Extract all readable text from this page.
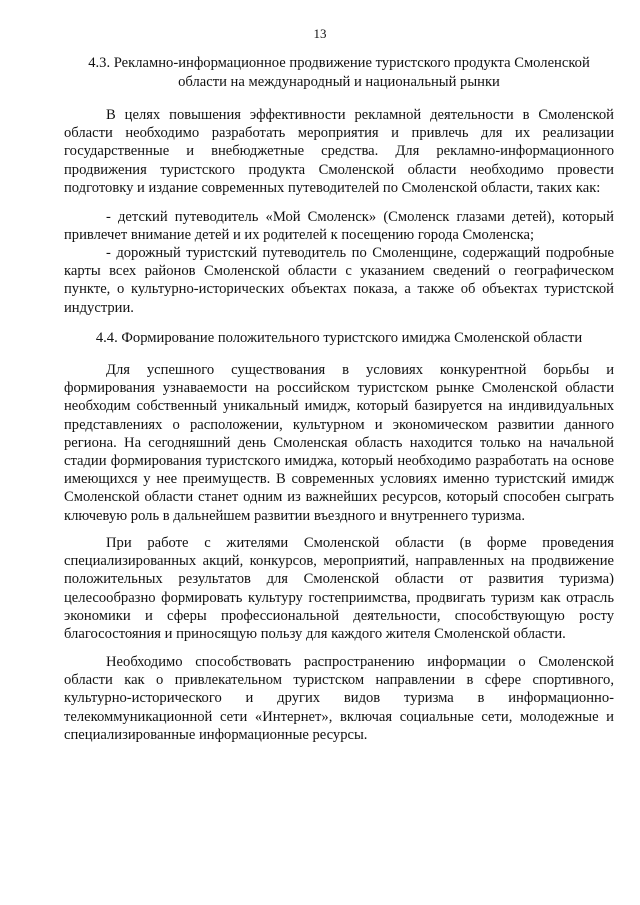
13
4.3. Рекламно-информационное продвижение туристского продукта Смоленской области на международный и национальный рынки

В целях повышения эффективности рекламной деятельности в Смоленской области необходимо разработать мероприятия и привлечь для их реализации государственные и внебюджетные средства. Для рекламно-информационного продвижения туристского продукта Смоленской области необходимо провести подготовку и издание современных путеводителей по Смоленской области, таких как:

- детский путеводитель «Мой Смоленск» (Смоленск глазами детей), который привлечет внимание детей и их родителей к посещению города Смоленска;

- дорожный туристский путеводитель по Смоленщине, содержащий подробные карты всех районов Смоленской области с указанием сведений о географическом пункте, о культурно-исторических объектах показа, а также об объектах туристской индустрии.

4.4. Формирование положительного туристского имиджа Смоленской области

Для успешного существования в условиях конкурентной борьбы и формирования узнаваемости на российском туристском рынке Смоленской области необходим собственный уникальный имидж, который базируется на индивидуальных представлениях о расположении, культурном и экономическом развитии данного региона. На сегодняшний день Смоленская область находится только на начальной стадии формирования туристского имиджа, который необходимо разработать на основе имеющихся у нее преимуществ. В современных условиях именно туристский имидж Смоленской области станет одним из важнейших ресурсов, который способен сыграть ключевую роль в дальнейшем развитии въездного и внутреннего туризма.

При работе с жителями Смоленской области (в форме проведения специализированных акций, конкурсов, мероприятий, направленных на продвижение положительных результатов для Смоленской области от развития туризма) целесообразно формировать культуру гостеприимства, продвигать туризм как отрасль экономики и сферы профессиональной деятельности, способствующую росту благосостояния и приносящую пользу для каждого жителя Смоленской области.

Необходимо способствовать распространению информации о Смоленской области как о привлекательном туристском направлении в сфере спортивного, культурно-исторического и других видов туризма в информационно-телекоммуникационной сети «Интернет», включая социальные сети, молодежные и специализированные информационные ресурсы.
